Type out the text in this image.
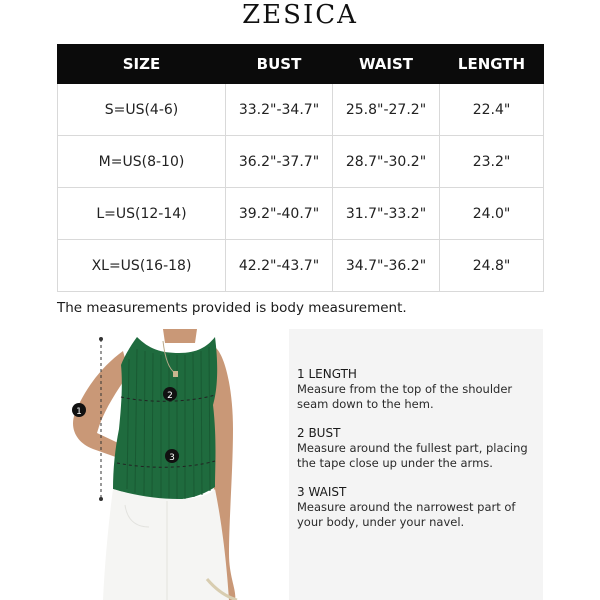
ZESICA
SIZE	BUST	WAIST	LENGTH
S=US(4-6)	33.2"-34.7"	25.8"-27.2"	22.4"
M=US(8-10)	36.2"-37.7"	28.7"-30.2"	23.2"
L=US(12-14)	39.2"-40.7"	31.7"-33.2"	24.0"
XL=US(16-18)	42.2"-43.7"	34.7"-36.2"	24.8"
The measurements provided is body measurement.
1
2
3
1 LENGTH
Measure from the top of the shoulder
seam down to the hem.
2 BUST
Measure around the fullest part, placing
the tape close up under the arms.
3 WAIST
Measure around the narrowest part of
your body, under your navel.
